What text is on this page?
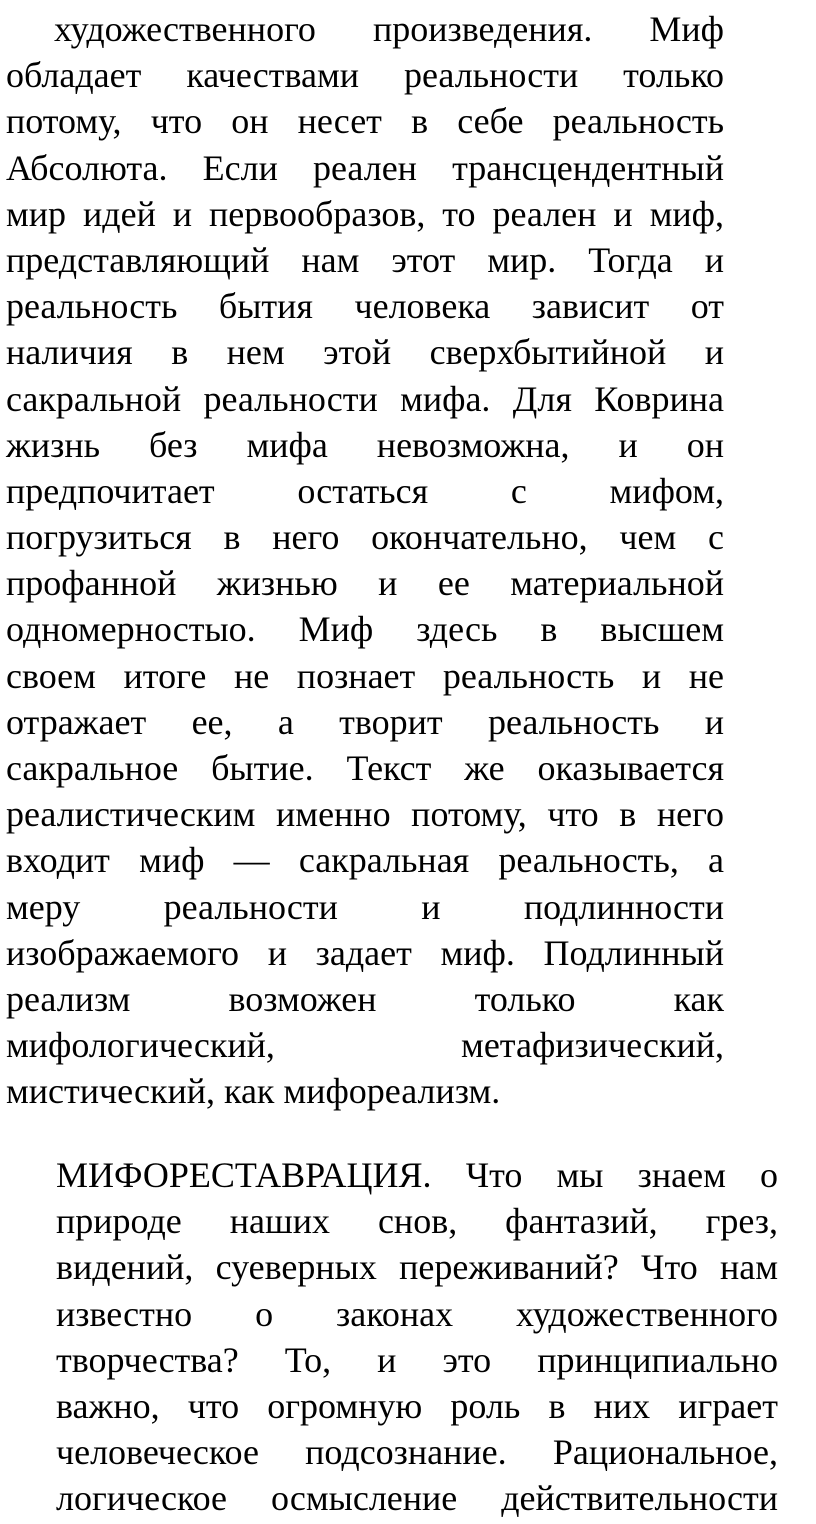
художественного произведения. Миф
обладает качествами реальности только
потому, что он несет в себе реальность
Абсолюта. Если реален трансцендентный
мир идей и первообразов, то реален и миф,
представляющий нам этот мир. Тогда и
реальность бытия человека зависит от
наличия в нем этой сверхбытийной и
сакральной реальности мифа. Для Коврина
жизнь без мифа невозможна, и он
предпочитает остаться с мифом,
погрузиться в него окончательно, чем с
профанной жизнью и ее материальной
одномерностыо. Миф здесь в высшем
своем итоге не познает реальность и не
отражает ее, а творит реальность и
сакральное бытие. Текст же оказывается
реалистическим именно потому, что в него
входит миф — сакральная реальность, а
меру реальности и подлинности
изображаемого и задает миф. Подлинный
реализм возможен только как
мифологический, метафизический,
мистический, как мифореализм.
МИФОРЕСТАВРАЦИЯ. Что мы знаем о
природе наших снов, фантазий, грез,
видений, суеверных переживаний? Что нам
известно о законах художественного
творчества? То, и это принципиально
важно, что огромную роль в них играет
человеческое подсознание. Рациональное,
логическое осмысление действительности
